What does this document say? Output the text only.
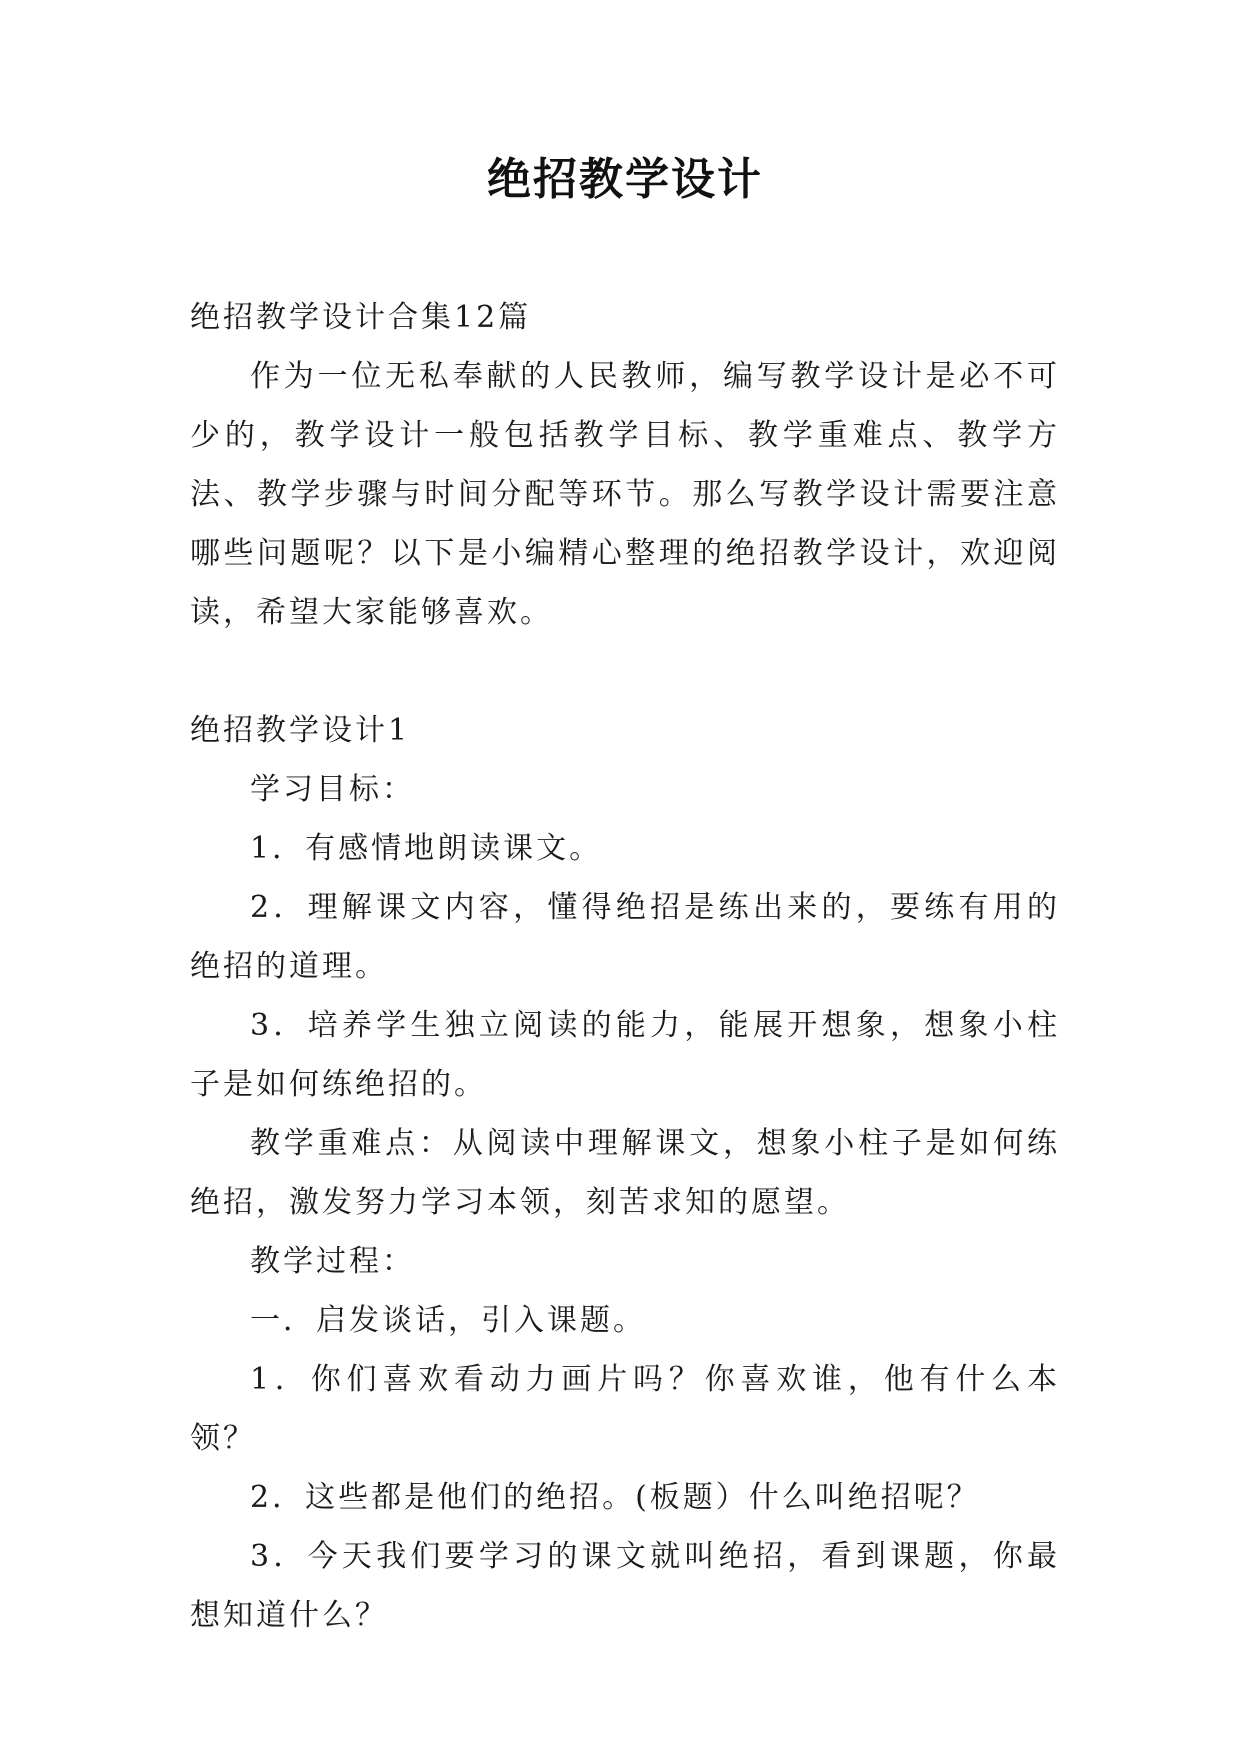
绝招教学设计

绝招教学设计合集12篇

作为一位无私奉献的人民教师，编写教学设计是必不可少的，教学设计一般包括教学目标、教学重难点、教学方法、教学步骤与时间分配等环节。那么写教学设计需要注意哪些问题呢？以下是小编精心整理的绝招教学设计，欢迎阅读，希望大家能够喜欢。

绝招教学设计1

学习目标：

1．有感情地朗读课文。

2．理解课文内容，懂得绝招是练出来的，要练有用的绝招的道理。

3．培养学生独立阅读的能力，能展开想象，想象小柱子是如何练绝招的。

教学重难点：从阅读中理解课文，想象小柱子是如何练绝招，激发努力学习本领，刻苦求知的愿望。

教学过程：

一．启发谈话，引入课题。

1．你们喜欢看动力画片吗？你喜欢谁，他有什么本领？

2．这些都是他们的绝招。(板题）什么叫绝招呢？

3．今天我们要学习的课文就叫绝招，看到课题，你最想知道什么？
